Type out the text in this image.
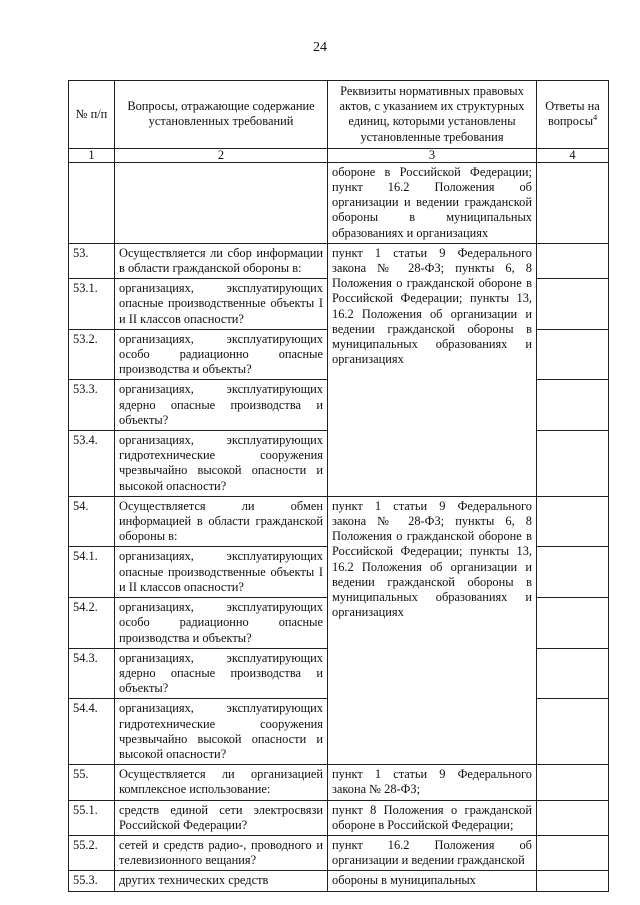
24
№ п/п	Вопросы, отражающие содержание установленных требований	Реквизиты нормативных правовых актов, с указанием их структурных единиц, которыми установлены установленные требования	Ответы на вопросы$^4$
1	2	3	4
		обороне в Российской Федерации; пункт 16.2 Положения об организации и ведении гражданской обороны в муниципальных образованиях и организациях	
53.	Осуществляется ли сбор информации в области гражданской обороны в:	пункт 1 статьи 9 Федерального закона № 28-ФЗ; пункты 6, 8 Положения о гражданской обороне в Российской Федерации; пункты 13, 16.2 Положения об организации и ведении гражданской обороны в муниципальных образованиях и организациях	
53.1.	организациях, эксплуатирующих опасные производственные объекты I и II классов опасности?		
53.2.	организациях, эксплуатирующих особо радиационно опасные производства и объекты?		
53.3.	организациях, эксплуатирующих ядерно опасные производства и объекты?		
53.4.	организациях, эксплуатирующих гидротехнические сооружения чрезвычайно высокой опасности и высокой опасности?		
54.	Осуществляется ли обмен информацией в области гражданской обороны в:	пункт 1 статьи 9 Федерального закона № 28-ФЗ; пункты 6, 8 Положения о гражданской обороне в Российской Федерации; пункты 13, 16.2 Положения об организации и ведении гражданской обороны в муниципальных образованиях и организациях	
54.1.	организациях, эксплуатирующих опасные производственные объекты I и II классов опасности?		
54.2.	организациях, эксплуатирующих особо радиационно опасные производства и объекты?		
54.3.	организациях, эксплуатирующих ядерно опасные производства и объекты?		
54.4.	организациях, эксплуатирующих гидротехнические сооружения чрезвычайно высокой опасности и высокой опасности?		
55.	Осуществляется ли организацией комплексное использование:	пункт 1 статьи 9 Федерального закона № 28-ФЗ;	
55.1.	средств единой сети электросвязи Российской Федерации?	пункт 8 Положения о гражданской обороне в Российской Федерации;	
55.2.	сетей и средств радио-, проводного и телевизионного вещания?	пункт 16.2 Положения об организации и ведении гражданской	
55.3.	других технических средств	обороны в муниципальных	
